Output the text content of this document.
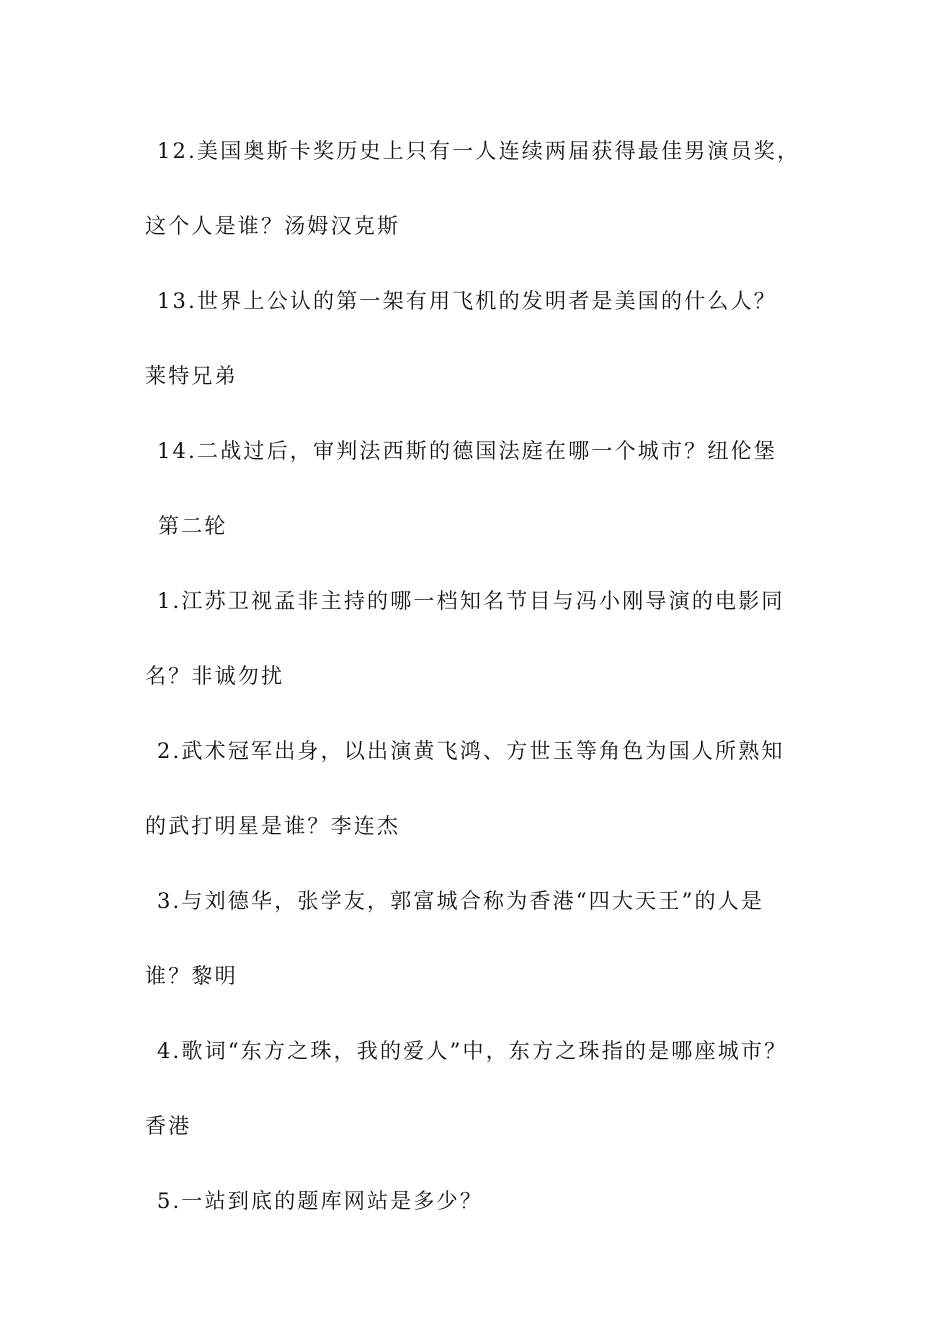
12.美国奥斯卡奖历史上只有一人连续两届获得最佳男演员奖，
这个人是谁？汤姆汉克斯
13.世界上公认的第一架有用飞机的发明者是美国的什么人？
莱特兄弟
14.二战过后，审判法西斯的德国法庭在哪一个城市？纽伦堡
第二轮
1.江苏卫视孟非主持的哪一档知名节目与冯小刚导演的电影同
名？非诚勿扰
2.武术冠军出身，以出演黄飞鸿、方世玉等角色为国人所熟知
的武打明星是谁？李连杰
3.与刘德华，张学友，郭富城合称为香港“四大天王”的人是
谁？黎明
4.歌词“东方之珠，我的爱人”中，东方之珠指的是哪座城市？
香港
5.一站到底的题库网站是多少？
